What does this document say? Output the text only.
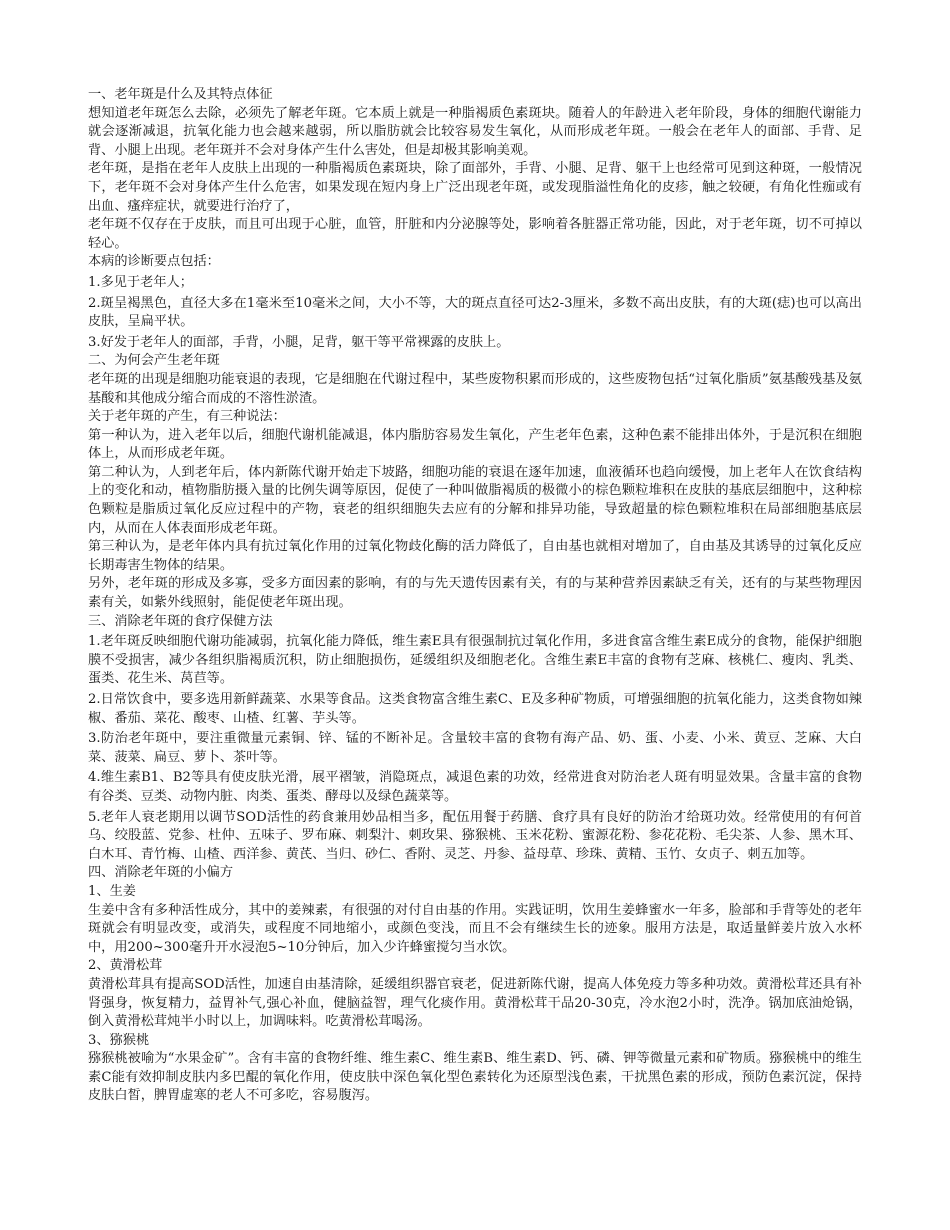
一、老年斑是什么及其特点体征

想知道老年斑怎么去除，必须先了解老年斑。它本质上就是一种脂褐质色素斑块。随着人的年龄进入老年阶段，身体的细胞代谢能力就会逐渐减退，抗氧化能力也会越来越弱，所以脂肪就会比较容易发生氧化，从而形成老年斑。一般会在老年人的面部、手背、足背、小腿上出现。老年斑并不会对身体产生什么害处，但是却极其影响美观。

老年斑，是指在老年人皮肤上出现的一种脂褐质色素斑块，除了面部外，手背、小腿、足背、躯干上也经常可见到这种斑，一般情况下，老年斑不会对身体产生什么危害，如果发现在短内身上广泛出现老年斑，或发现脂溢性角化的皮疹，触之较硬，有角化性痂或有出血、瘙痒症状，就要进行治疗了，

老年斑不仅存在于皮肤，而且可出现于心脏，血管，肝脏和内分泌腺等处，影响着各脏器正常功能，因此，对于老年斑，切不可掉以轻心。

本病的诊断要点包括：

1.多见于老年人；

2.斑呈褐黑色，直径大多在1毫米至10毫米之间，大小不等，大的斑点直径可达2-3厘米，多数不高出皮肤，有的大斑(痣)也可以高出皮肤，呈扁平状。

3.好发于老年人的面部，手背，小腿，足背，躯干等平常裸露的皮肤上。

二、为何会产生老年斑

老年斑的出现是细胞功能衰退的表现，它是细胞在代谢过程中，某些废物积累而形成的，这些废物包括“过氧化脂质”氨基酸残基及氨基酸和其他成分缩合而成的不溶性淤渣。

关于老年斑的产生，有三种说法：

第一种认为，进入老年以后，细胞代谢机能减退，体内脂肪容易发生氧化，产生老年色素，这种色素不能排出体外，于是沉积在细胞体上，从而形成老年斑。

第二种认为，人到老年后，体内新陈代谢开始走下坡路，细胞功能的衰退在逐年加速，血液循环也趋向缓慢，加上老年人在饮食结构上的变化和动，植物脂肪摄入量的比例失调等原因，促使了一种叫做脂褐质的极微小的棕色颗粒堆积在皮肤的基底层细胞中，这种棕色颗粒是脂质过氧化反应过程中的产物，衰老的组织细胞失去应有的分解和排异功能，导致超量的棕色颗粒堆积在局部细胞基底层内，从而在人体表面形成老年斑。

第三种认为，是老年体内具有抗过氧化作用的过氧化物歧化酶的活力降低了，自由基也就相对增加了，自由基及其诱导的过氧化反应长期毒害生物体的结果。

另外，老年斑的形成及多寡，受多方面因素的影响，有的与先天遗传因素有关，有的与某种营养因素缺乏有关，还有的与某些物理因素有关，如紫外线照射，能促使老年斑出现。

三、消除老年斑的食疗保健方法

1.老年斑反映细胞代谢功能减弱，抗氧化能力降低，维生素E具有很强制抗过氧化作用，多进食富含维生素E成分的食物，能保护细胞膜不受损害，减少各组织脂褐质沉积，防止细胞损伤，延缓组织及细胞老化。含维生素E丰富的食物有芝麻、核桃仁、瘦肉、乳类、蛋类、花生米、莴苣等。

2.日常饮食中，要多选用新鲜蔬菜、水果等食品。这类食物富含维生素C、E及多种矿物质，可增强细胞的抗氧化能力，这类食物如辣椒、番茄、菜花、酸枣、山楂、红薯、芋头等。

3.防治老年斑中，要注重微量元素铜、锌、锰的不断补足。含量较丰富的食物有海产品、奶、蛋、小麦、小米、黄豆、芝麻、大白菜、菠菜、扁豆、萝卜、茶叶等。

4.维生素B1、B2等具有使皮肤光滑，展平褶皱，消隐斑点，减退色素的功效，经常进食对防治老人斑有明显效果。含量丰富的食物有谷类、豆类、动物内脏、肉类、蛋类、酵母以及绿色蔬菜等。

5.老年人衰老期用以调节SOD活性的药食兼用妙品相当多，配伍用餐于药膳、食疗具有良好的防治才给斑功效。经常使用的有何首乌、绞股蓝、党参、杜仲、五味子、罗布麻、刺梨汁、刺玫果、猕猴桃、玉米花粉、蜜源花粉、参花花粉、毛尖茶、人参、黑木耳、白木耳、青竹梅、山楂、西洋参、黄芪、当归、砂仁、香附、灵芝、丹参、益母草、珍珠、黄精、玉竹、女贞子、刺五加等。

四、消除老年斑的小偏方

1、生姜

生姜中含有多种活性成分，其中的姜辣素，有很强的对付自由基的作用。实践证明，饮用生姜蜂蜜水一年多，脸部和手背等处的老年斑就会有明显改变，或消失，或程度不同地缩小，或颜色变浅，而且不会有继续生长的迹象。服用方法是，取适量鲜姜片放入水杯中，用200~300毫升开水浸泡5~10分钟后，加入少许蜂蜜搅匀当水饮。

2、黄滑松茸

黄滑松茸具有提高SOD活性，加速自由基清除，延缓组织器官衰老，促进新陈代谢，提高人体免疫力等多种功效。黄滑松茸还具有补肾强身，恢复精力，益胃补气,强心补血，健脑益智，理气化痰作用。黄滑松茸干品20-30克，冷水泡2小时，洗净。锅加底油炝锅，倒入黄滑松茸炖半小时以上，加调味料。吃黄滑松茸喝汤。

3、猕猴桃

猕猴桃被喻为“水果金矿”。含有丰富的食物纤维、维生素C、维生素B、维生素D、钙、磷、钾等微量元素和矿物质。猕猴桃中的维生素C能有效抑制皮肤内多巴醌的氧化作用，使皮肤中深色氧化型色素转化为还原型浅色素，干扰黑色素的形成，预防色素沉淀，保持皮肤白皙，脾胃虚寒的老人不可多吃，容易腹泻。
